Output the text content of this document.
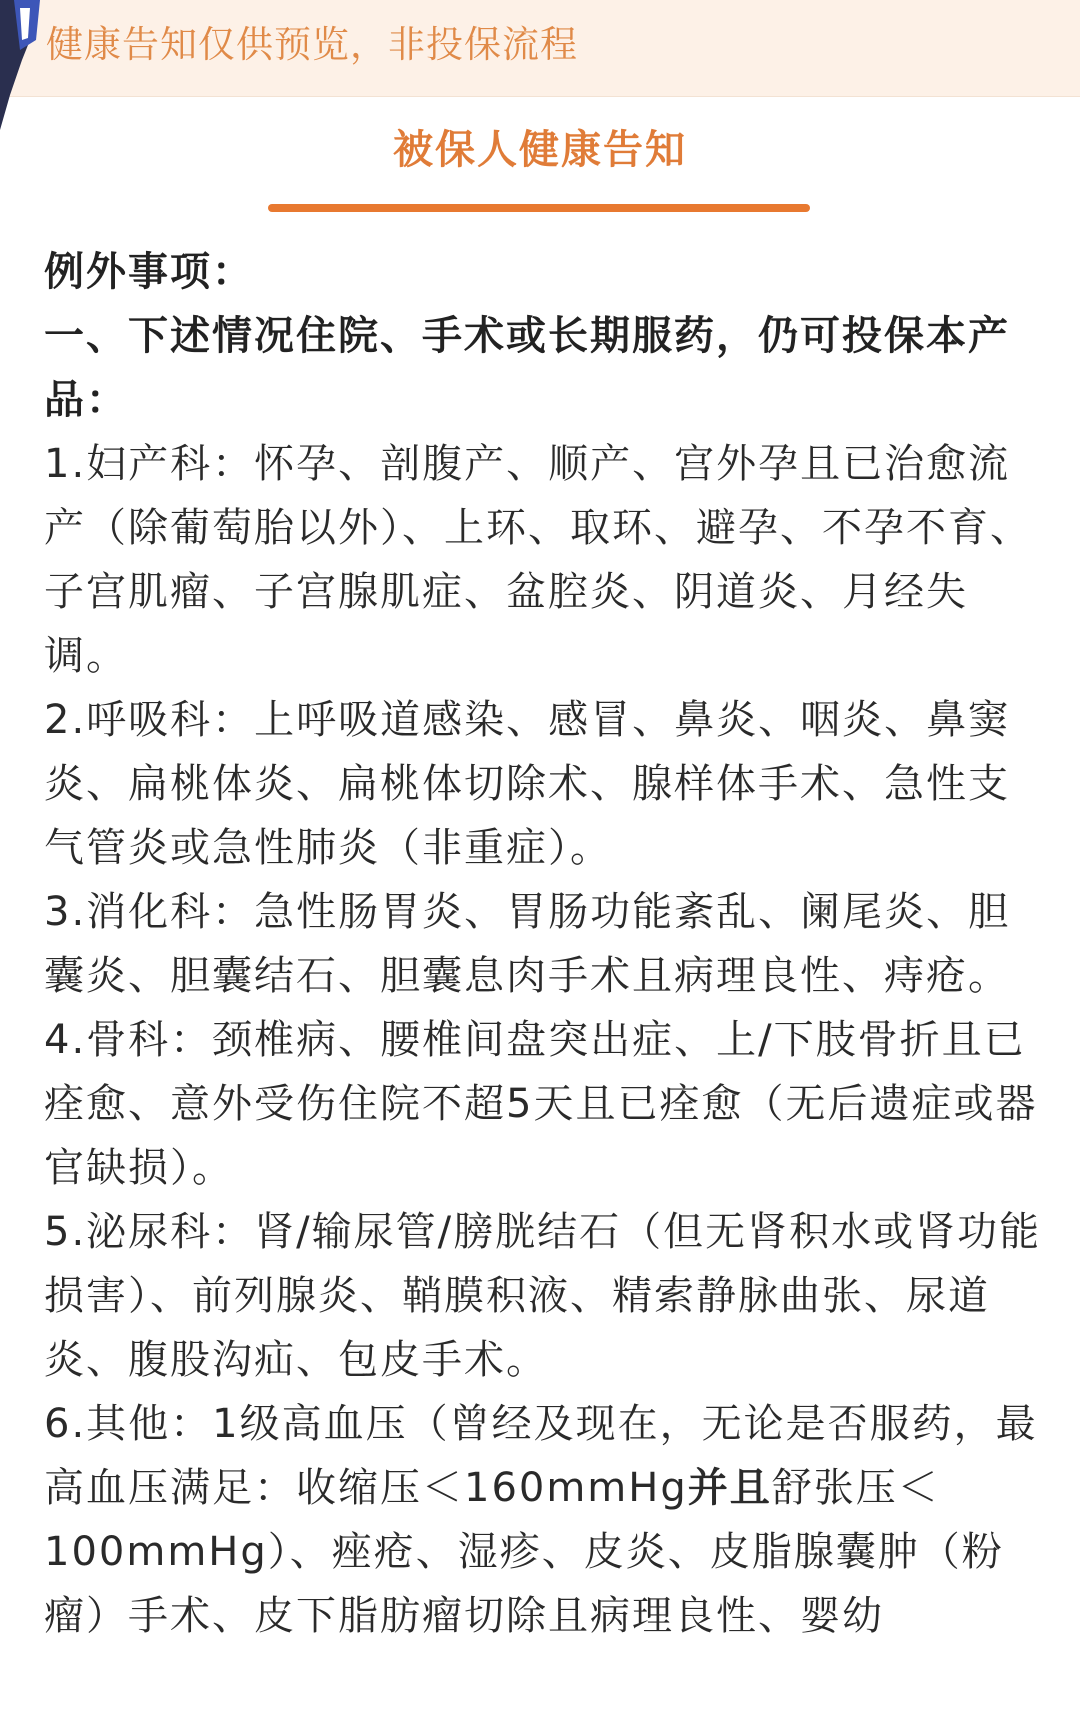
健康告知仅供预览，非投保流程
被保人健康告知

例外事项：

一、下述情况住院、手术或长期服药，仍可投保本产品：

1.妇产科：怀孕、剖腹产、顺产、宫外孕且已治愈流产（除葡萄胎以外）、上环、取环、避孕、不孕不育、子宫肌瘤、子宫腺肌症、盆腔炎、阴道炎、月经失调。

2.呼吸科：上呼吸道感染、感冒、鼻炎、咽炎、鼻窦炎、扁桃体炎、扁桃体切除术、腺样体手术、急性支气管炎或急性肺炎（非重症）。

3.消化科：急性肠胃炎、胃肠功能紊乱、阑尾炎、胆囊炎、胆囊结石、胆囊息肉手术且病理良性、痔疮。

4.骨科：颈椎病、腰椎间盘突出症、上/下肢骨折且已痊愈、意外受伤住院不超5天且已痊愈（无后遗症或器官缺损）。

5.泌尿科：肾/输尿管/膀胱结石（但无肾积水或肾功能损害）、前列腺炎、鞘膜积液、精索静脉曲张、尿道炎、腹股沟疝、包皮手术。

6.其他：1级高血压（曾经及现在，无论是否服药，最高血压满足：收缩压＜160mmHg并且舒张压＜100mmHg）、痤疮、湿疹、皮炎、皮脂腺囊肿（粉瘤）手术、皮下脂肪瘤切除且病理良性、婴幼
